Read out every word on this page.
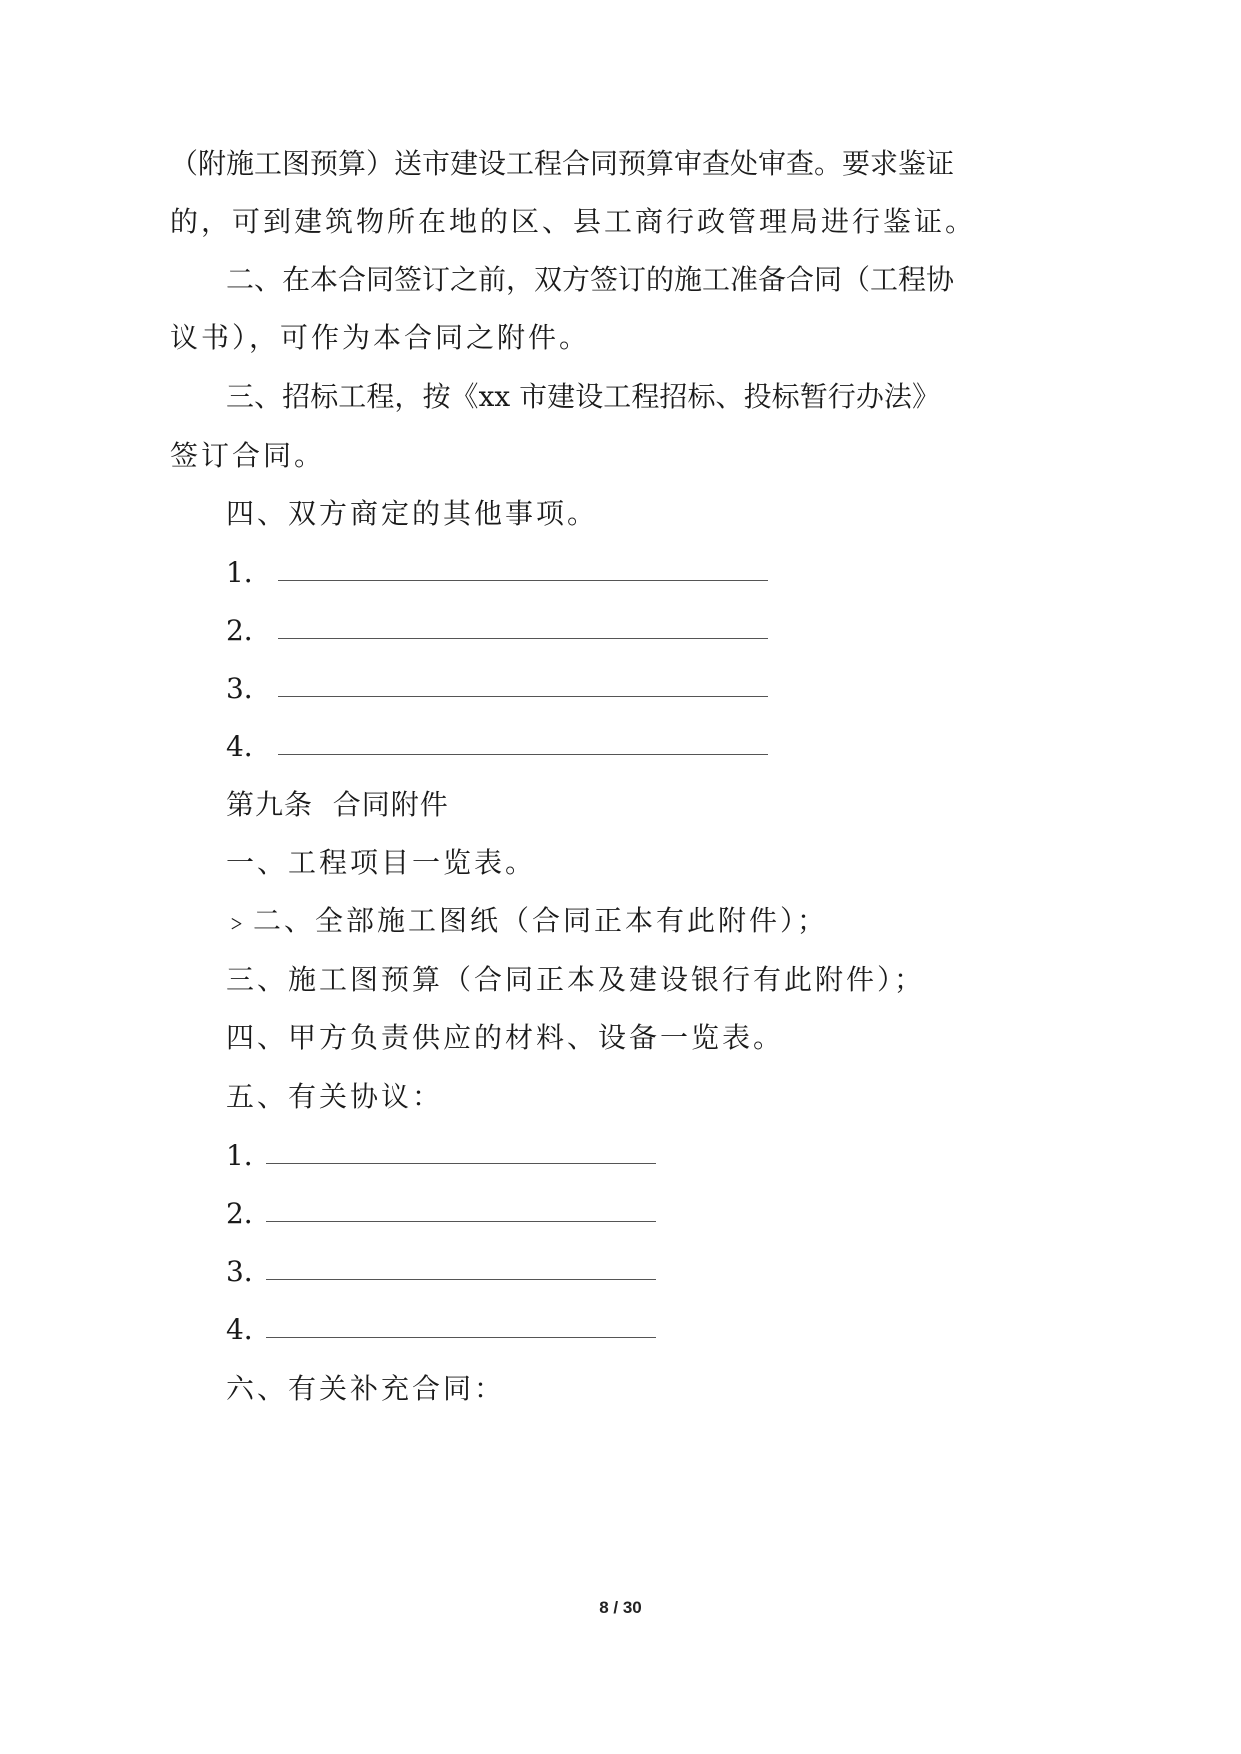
（附施工图预算）送市建设工程合同预算审查处审查。要求鉴证
的，可到建筑物所在地的区、县工商行政管理局进行鉴证。
二、在本合同签订之前，双方签订的施工准备合同（工程协
议书），可作为本合同之附件。
三、招标工程，按《xx 市建设工程招标、投标暂行办法》
签订合同。
四、双方商定的其他事项。
1．
2．
3．
4．
第九条  合同附件
一、工程项目一览表。
﹥二、全部施工图纸（合同正本有此附件）；
三、施工图预算（合同正本及建设银行有此附件）；
四、甲方负责供应的材料、设备一览表。
五、有关协议：
1．
2．
3．
4．
六、有关补充合同：
8 / 30
